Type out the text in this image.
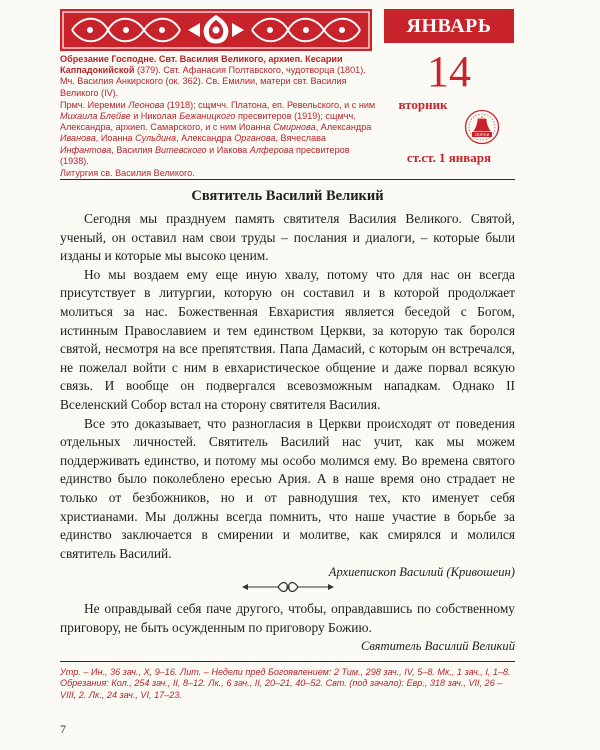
Обрезание Господне. Свт. Василия Великого, архиеп. Кесарии Каппадокийской (379). Свт. Афанасия Полтавского, чудотворца (1801). Мч. Василия Анкирского (ок. 362). Св. Емилии, матери свт. Василия Великого (IV).

Прмч. Иеремии Леонова (1918); сщмчч. Платона, еп. Ревельского, и с ним Михаила Блейве и Николая Бежаницкого пресвитеров (1919); сщмчч. Александра, архиеп. Самарского, и с ним Иоанна Смирнова, Александра Иванова, Иоанна Сульдина, Александра Органова, Вячеслава Инфантова, Василия Витевского и Иакова Алферова пресвитеров (1938).

Литургия св. Василия Великого.

ЯНВАРЬ
14
вторник
СВЯТКИ
ст.ст. 1 января
Святитель Василий Великий

Сегодня мы празднуем память святителя Василия Великого. Святой, ученый, он оставил нам свои труды – послания и диалоги, – которые были изданы и которые мы высоко ценим.

Но мы воздаем ему еще иную хвалу, потому что для нас он всегда присутствует в литургии, которую он составил и в которой продолжает молиться за нас. Божественная Евхаристия является беседой с Богом, истинным Православием и тем единством Церкви, за которую так боролся святой, несмотря на все препятствия. Папа Дамасий, с которым он встречался, не пожелал войти с ним в евхаристическое общение и даже порвал всякую связь. И вообще он подвергался всевозможным нападкам. Однако II Вселенский Собор встал на сторону святителя Василия.

Все это доказывает, что разногласия в Церкви происходят от поведения отдельных личностей. Святитель Василий нас учит, как мы можем поддерживать единство, и потому мы особо молимся ему. Во времена святого единство было поколеблено ересью Ария. А в наше время оно страдает не только от безбожников, но и от равнодушия тех, кто именует себя христианами. Мы должны всегда помнить, что наше участие в борьбе за единство заключается в смирении и молитве, как смирялся и молился святитель Василий.

Архиепископ Василий (Кривошеин)

Не оправдывай себя паче другого, чтобы, оправдавшись по собственному приговору, не быть осужденным по приговору Божию.

Святитель Василий Великий

Утр. – Ин., 36 зач., X, 9–16. Лит. – Недели пред Богоявлением: 2 Тим., 298 зач., IV, 5–8. Мк., 1 зач., I, 1–8. Обрезания: Кол., 254 зач., II, 8–12. Лк., 6 зач., II, 20–21, 40–52. Свт. (под зачало): Евр., 318 зач., VII, 26 – VIII, 2. Лк., 24 зач., VI, 17–23.
7
